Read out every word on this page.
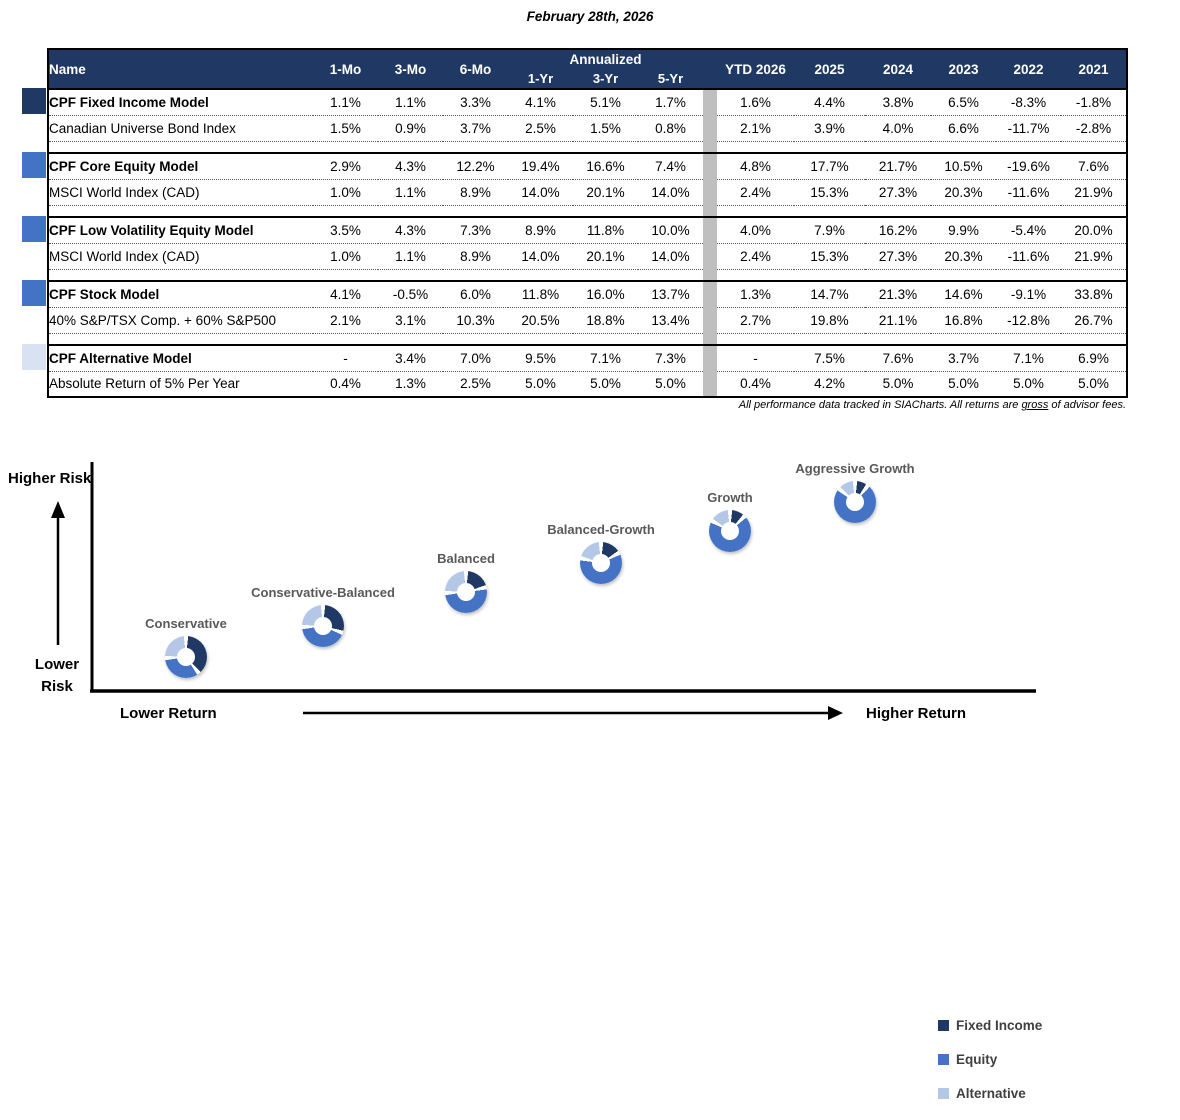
February 28th, 2026
Name	1-Mo	3-Mo	6-Mo	Annualized				YTD 2026	2025	2024	2023	2022	2021
				1-Yr	3-Yr	5-Yr							
CPF Fixed Income Model	1.1%	1.1%	3.3%	4.1%	5.1%	1.7%		1.6%	4.4%	3.8%	6.5%	-8.3%	-1.8%
Canadian Universe Bond Index	1.5%	0.9%	3.7%	2.5%	1.5%	0.8%		2.1%	3.9%	4.0%	6.6%	-11.7%	-2.8%

CPF Core Equity Model	2.9%	4.3%	12.2%	19.4%	16.6%	7.4%		4.8%	17.7%	21.7%	10.5%	-19.6%	7.6%
MSCI World Index (CAD)	1.0%	1.1%	8.9%	14.0%	20.1%	14.0%		2.4%	15.3%	27.3%	20.3%	-11.6%	21.9%

CPF Low Volatility Equity Model	3.5%	4.3%	7.3%	8.9%	11.8%	10.0%		4.0%	7.9%	16.2%	9.9%	-5.4%	20.0%
MSCI World Index (CAD)	1.0%	1.1%	8.9%	14.0%	20.1%	14.0%		2.4%	15.3%	27.3%	20.3%	-11.6%	21.9%

CPF Stock Model	4.1%	-0.5%	6.0%	11.8%	16.0%	13.7%		1.3%	14.7%	21.3%	14.6%	-9.1%	33.8%
40% S&P/TSX Comp. + 60% S&P500	2.1%	3.1%	10.3%	20.5%	18.8%	13.4%		2.7%	19.8%	21.1%	16.8%	-12.8%	26.7%

CPF Alternative Model	-	3.4%	7.0%	9.5%	7.1%	7.3%		-	7.5%	7.6%	3.7%	7.1%	6.9%
Absolute Return of 5% Per Year	0.4%	1.3%	2.5%	5.0%	5.0%	5.0%		0.4%	4.2%	5.0%	5.0%	5.0%	5.0%
All performance data tracked in SIACharts. All returns are gross of advisor fees.
Higher Risk
Lower
Risk
Lower Return	Higher Return
Fixed Income
Equity
Alternative
Conservative
Conservative-Balanced
Balanced
Balanced-Growth
Growth
Aggressive Growth
